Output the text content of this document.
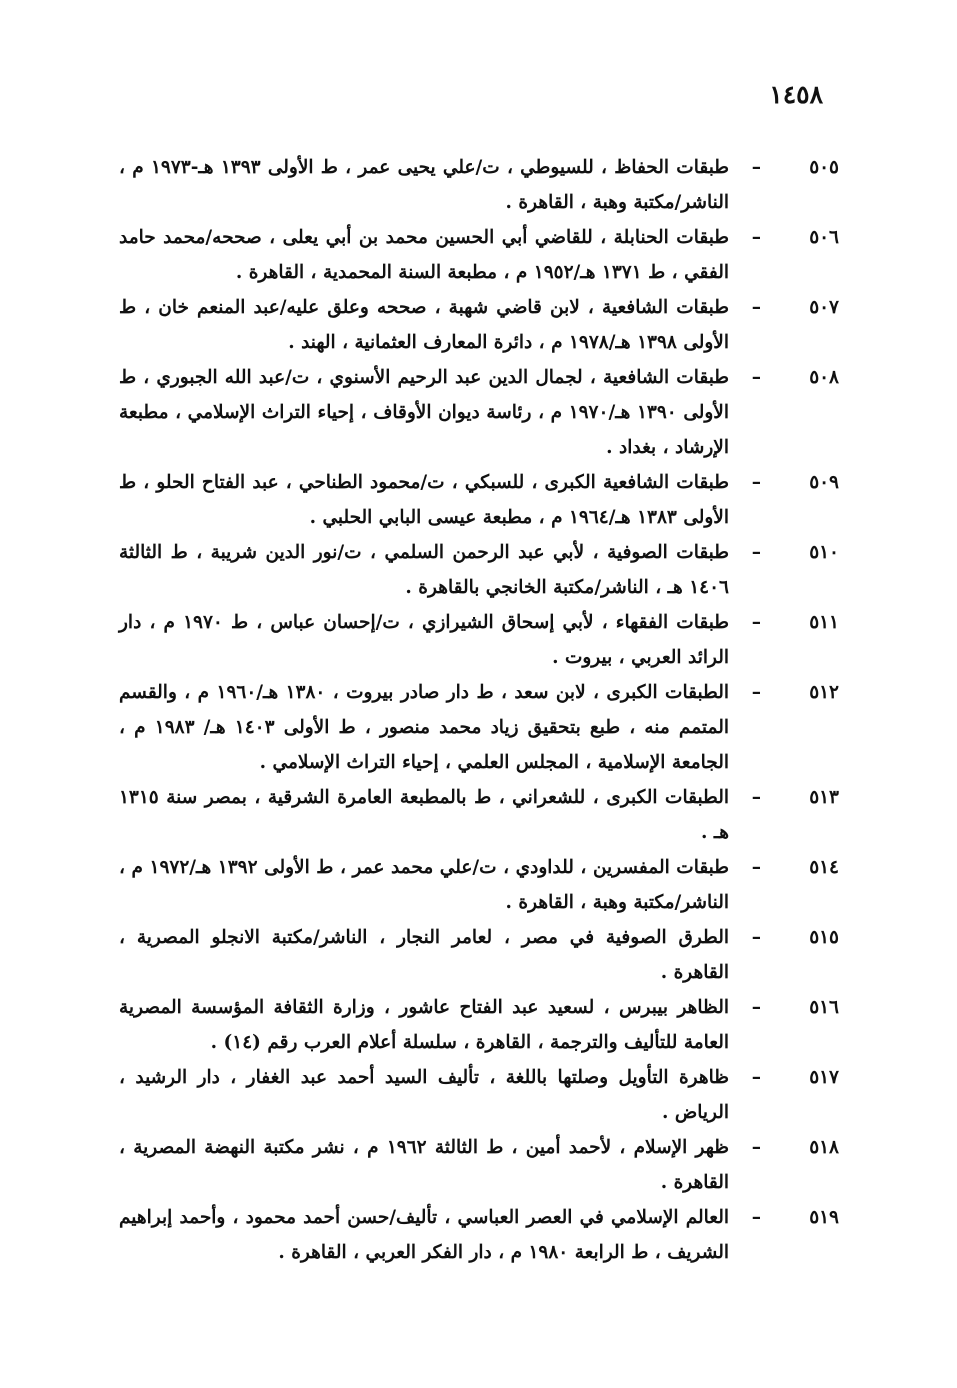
١٤٥٨
٥٠٥
–
طبقات الحفاظ ، للسيوطي ، ت/علي يحيى عمر ، ط الأولى ١٣٩٣ هـ-١٩٧٣ م ، الناشر/مكتبة وهبة ، القاهرة .
٥٠٦
–
طبقات الحنابلة ، للقاضي أبي الحسين محمد بن أبي يعلى ، صححه/محمد حامد الفقي ، ط ١٣٧١ هـ/١٩٥٢ م ، مطبعة السنة المحمدية ، القاهرة .
٥٠٧
–
طبقات الشافعية ، لابن قاضي شهبة ، صححه وعلق عليه/عبد المنعم خان ، ط الأولى ١٣٩٨ هـ/١٩٧٨ م ، دائرة المعارف العثمانية ، الهند .
٥٠٨
–
طبقات الشافعية ، لجمال الدين عبد الرحيم الأسنوي ، ت/عبد الله الجبوري ، ط الأولى ١٣٩٠ هـ/١٩٧٠ م ، رئاسة ديوان الأوقاف ، إحياء التراث الإسلامي ، مطبعة الإرشاد ، بغداد .
٥٠٩
–
طبقات الشافعية الكبرى ، للسبكي ، ت/محمود الطناحي ، عبد الفتاح الحلو ، ط الأولى ١٣٨٣ هـ/١٩٦٤ م ، مطبعة عيسى البابي الحلبي .
٥١٠
–
طبقات الصوفية ، لأبي عبد الرحمن السلمي ، ت/نور الدين شريبة ، ط الثالثة ١٤٠٦ هـ ، الناشر/مكتبة الخانجي بالقاهرة .
٥١١
–
طبقات الفقهاء ، لأبي إسحاق الشيرازي ، ت/إحسان عباس ، ط ١٩٧٠ م ، دار الرائد العربي ، بيروت .
٥١٢
–
الطبقات الكبرى ، لابن سعد ، ط دار صادر بيروت ، ١٣٨٠ هـ/١٩٦٠ م ، والقسم المتمم منه ، طبع بتحقيق زياد محمد منصور ، ط الأولى ١٤٠٣ هـ/ ١٩٨٣ م ، الجامعة الإسلامية ، المجلس العلمي ، إحياء التراث الإسلامي .
٥١٣
–
الطبقات الكبرى ، للشعراني ، ط بالمطبعة العامرة الشرقية ، بمصر سنة ١٣١٥ هـ .
٥١٤
–
طبقات المفسرين ، للداودي ، ت/علي محمد عمر ، ط الأولى ١٣٩٢ هـ/١٩٧٢ م ، الناشر/مكتبة وهبة ، القاهرة .
٥١٥
–
الطرق الصوفية في مصر ، لعامر النجار ، الناشر/مكتبة الانجلو المصرية ، القاهرة .
٥١٦
–
الظاهر بيبرس ، لسعيد عبد الفتاح عاشور ، وزارة الثقافة المؤسسة المصرية العامة للتأليف والترجمة ، القاهرة ، سلسلة أعلام العرب رقم (١٤) .
٥١٧
–
ظاهرة التأويل وصلتها باللغة ، تأليف السيد أحمد عبد الغفار ، دار الرشيد ، الرياض .
٥١٨
–
ظهر الإسلام ، لأحمد أمين ، ط الثالثة ١٩٦٢ م ، نشر مكتبة النهضة المصرية ، القاهرة .
٥١٩
–
العالم الإسلامي في العصر العباسي ، تأليف/حسن أحمد محمود ، وأحمد إبراهيم الشريف ، ط الرابعة ١٩٨٠ م ، دار الفكر العربي ، القاهرة .
